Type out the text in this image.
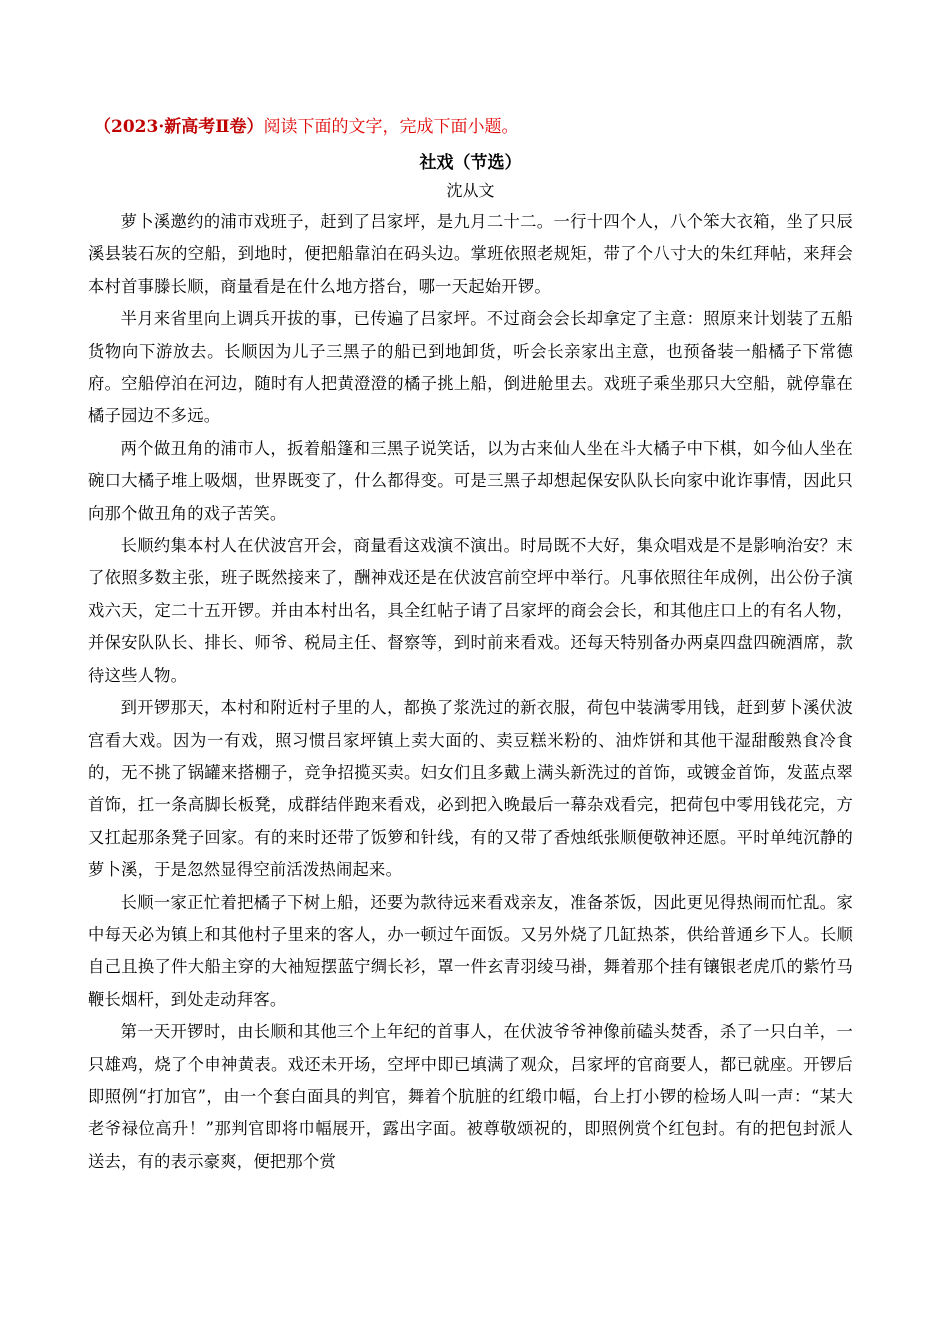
（2023·新高考Ⅱ卷）阅读下面的文字，完成下面小题。
社戏（节选）
沈从文

萝卜溪邀约的浦市戏班子，赶到了吕家坪，是九月二十二。一行十四个人，八个笨大衣箱，坐了只辰溪县装石灰的空船，到地时，便把船靠泊在码头边。掌班依照老规矩，带了个八寸大的朱红拜帖，来拜会本村首事滕长顺，商量看是在什么地方搭台，哪一天起始开锣。

半月来省里向上调兵开拔的事，已传遍了吕家坪。不过商会会长却拿定了主意：照原来计划装了五船货物向下游放去。长顺因为儿子三黑子的船已到地卸货，听会长亲家出主意，也预备装一船橘子下常德府。空船停泊在河边，随时有人把黄澄澄的橘子挑上船，倒进舱里去。戏班子乘坐那只大空船，就停靠在橘子园边不多远。

两个做丑角的浦市人，扳着船篷和三黑子说笑话，以为古来仙人坐在斗大橘子中下棋，如今仙人坐在碗口大橘子堆上吸烟，世界既变了，什么都得变。可是三黑子却想起保安队队长向家中讹诈事情，因此只向那个做丑角的戏子苦笑。

长顺约集本村人在伏波宫开会，商量看这戏演不演出。时局既不大好，集众唱戏是不是影响治安？末了依照多数主张，班子既然接来了，酬神戏还是在伏波宫前空坪中举行。凡事依照往年成例，出公份子演戏六天，定二十五开锣。并由本村出名，具全红帖子请了吕家坪的商会会长，和其他庄口上的有名人物，并保安队队长、排长、师爷、税局主任、督察等，到时前来看戏。还每天特别备办两桌四盘四碗酒席，款待这些人物。

到开锣那天，本村和附近村子里的人，都换了浆洗过的新衣服，荷包中装满零用钱，赶到萝卜溪伏波宫看大戏。因为一有戏，照习惯吕家坪镇上卖大面的、卖豆糕米粉的、油炸饼和其他干湿甜酸熟食冷食的，无不挑了锅罐来搭棚子，竞争招揽买卖。妇女们且多戴上满头新洗过的首饰，或镀金首饰，发蓝点翠首饰，扛一条高脚长板凳，成群结伴跑来看戏，必到把入晚最后一幕杂戏看完，把荷包中零用钱花完，方又扛起那条凳子回家。有的来时还带了饭箩和针线，有的又带了香烛纸张顺便敬神还愿。平时单纯沉静的萝卜溪，于是忽然显得空前活泼热闹起来。

长顺一家正忙着把橘子下树上船，还要为款待远来看戏亲友，准备茶饭，因此更见得热闹而忙乱。家中每天必为镇上和其他村子里来的客人，办一顿过午面饭。又另外烧了几缸热茶，供给普通乡下人。长顺自己且换了件大船主穿的大袖短摆蓝宁绸长衫，罩一件玄青羽绫马褂，舞着那个挂有镶银老虎爪的紫竹马鞭长烟杆，到处走动拜客。

第一天开锣时，由长顺和其他三个上年纪的首事人，在伏波爷爷神像前磕头焚香，杀了一只白羊，一只雄鸡，烧了个申神黄表。戏还未开场，空坪中即已填满了观众，吕家坪的官商要人，都已就座。开锣后即照例“打加官”，由一个套白面具的判官，舞着个肮脏的红缎巾幅，台上打小锣的检场人叫一声：“某大老爷禄位高升！”那判官即将巾幅展开，露出字面。被尊敬颂祝的，即照例赏个红包封。有的把包封派人送去，有的表示豪爽，便把那个赏
